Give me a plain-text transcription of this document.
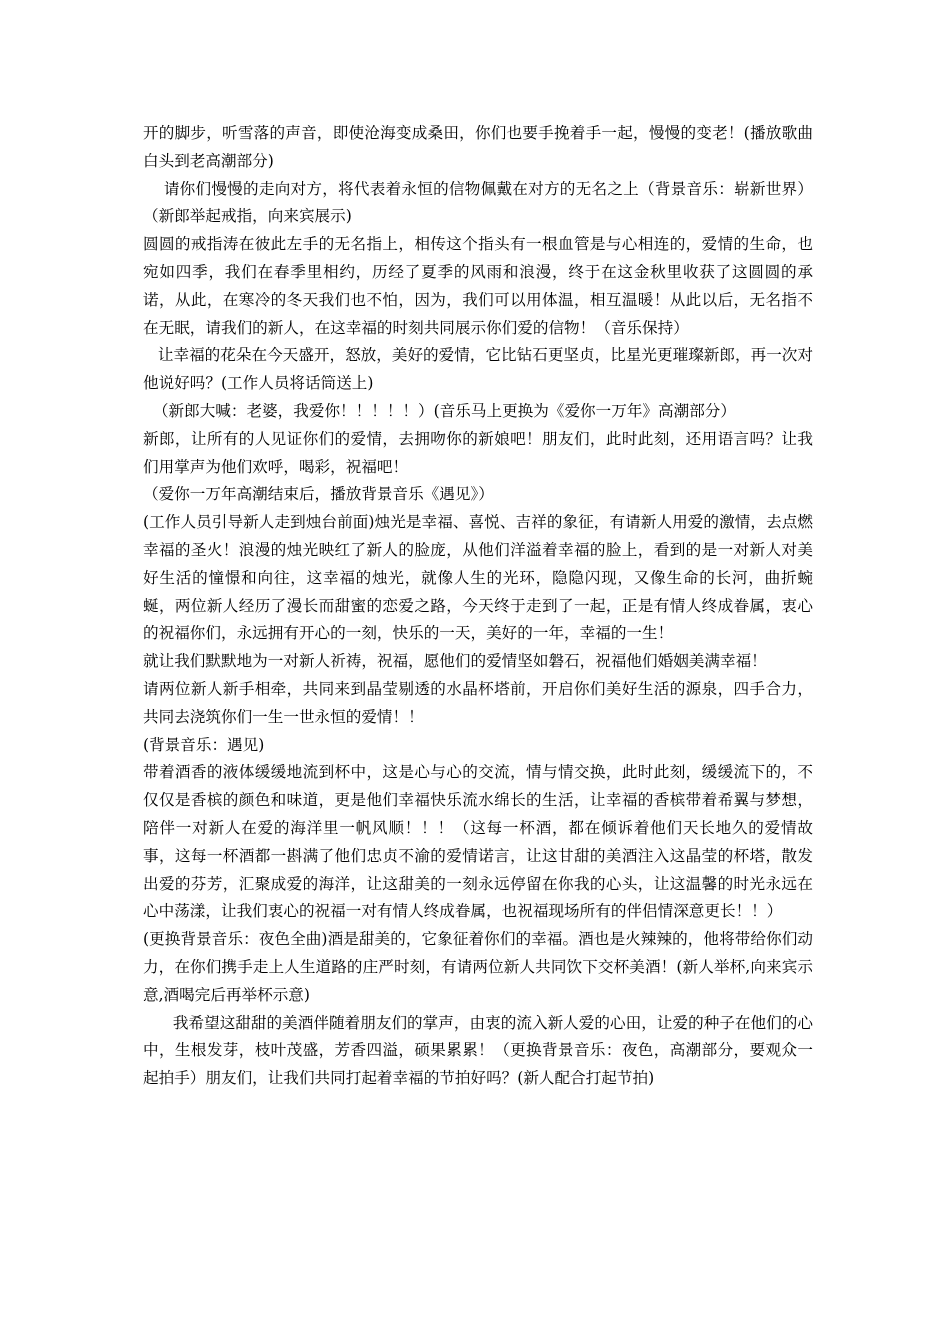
开的脚步，听雪落的声音，即使沧海变成桑田，你们也要手挽着手一起，慢慢的变老！(播放歌曲白头到老高潮部分)

请你们慢慢的走向对方，将代表着永恒的信物佩戴在对方的无名之上（背景音乐：崭新世界）（新郎举起戒指，向来宾展示)

圆圆的戒指涛在彼此左手的无名指上，相传这个指头有一根血管是与心相连的，爱情的生命，也宛如四季，我们在春季里相约，历经了夏季的风雨和浪漫，终于在这金秋里收获了这圆圆的承诺，从此，在寒冷的冬天我们也不怕，因为，我们可以用体温，相互温暖！从此以后，无名指不在无眠，请我们的新人，在这幸福的时刻共同展示你们爱的信物！（音乐保持）

让幸福的花朵在今天盛开，怒放，美好的爱情，它比钻石更坚贞，比星光更璀璨新郎，再一次对他说好吗？(工作人员将话筒送上)

（新郎大喊：老婆，我爱你！！！！！）(音乐马上更换为《爱你一万年》高潮部分）

新郎，让所有的人见证你们的爱情，去拥吻你的新娘吧！朋友们，此时此刻，还用语言吗？让我们用掌声为他们欢呼，喝彩，祝福吧！

（爱你一万年高潮结束后，播放背景音乐《遇见》）

(工作人员引导新人走到烛台前面)烛光是幸福、喜悦、吉祥的象征，有请新人用爱的激情，去点燃幸福的圣火！浪漫的烛光映红了新人的脸庞，从他们洋溢着幸福的脸上，看到的是一对新人对美好生活的憧憬和向往，这幸福的烛光，就像人生的光环，隐隐闪现，又像生命的长河，曲折蜿蜒，两位新人经历了漫长而甜蜜的恋爱之路，今天终于走到了一起，正是有情人终成眷属，衷心的祝福你们，永远拥有开心的一刻，快乐的一天，美好的一年，幸福的一生！

就让我们默默地为一对新人祈祷，祝福，愿他们的爱情坚如磐石，祝福他们婚姻美满幸福！

请两位新人新手相牵，共同来到晶莹剔透的水晶杯塔前，开启你们美好生活的源泉，四手合力，共同去浇筑你们一生一世永恒的爱情！！

(背景音乐：遇见)

带着酒香的液体缓缓地流到杯中，这是心与心的交流，情与情交换，此时此刻，缓缓流下的，不仅仅是香槟的颜色和味道，更是他们幸福快乐流水绵长的生活，让幸福的香槟带着希翼与梦想，陪伴一对新人在爱的海洋里一帆风顺！！！（这每一杯酒，都在倾诉着他们天长地久的爱情故事，这每一杯酒都一斟满了他们忠贞不渝的爱情诺言，让这甘甜的美酒注入这晶莹的杯塔，散发出爱的芬芳，汇聚成爱的海洋，让这甜美的一刻永远停留在你我的心头，让这温馨的时光永远在心中荡漾，让我们衷心的祝福一对有情人终成眷属，也祝福现场所有的伴侣情深意更长！！）

(更换背景音乐：夜色全曲)酒是甜美的，它象征着你们的幸福。酒也是火辣辣的，他将带给你们动力，在你们携手走上人生道路的庄严时刻，有请两位新人共同饮下交杯美酒！(新人举杯,向来宾示意,酒喝完后再举杯示意)

我希望这甜甜的美酒伴随着朋友们的掌声，由衷的流入新人爱的心田，让爱的种子在他们的心中，生根发芽，枝叶茂盛，芳香四溢，硕果累累！（更换背景音乐：夜色，高潮部分，要观众一起拍手）朋友们，让我们共同打起着幸福的节拍好吗？(新人配合打起节拍)
